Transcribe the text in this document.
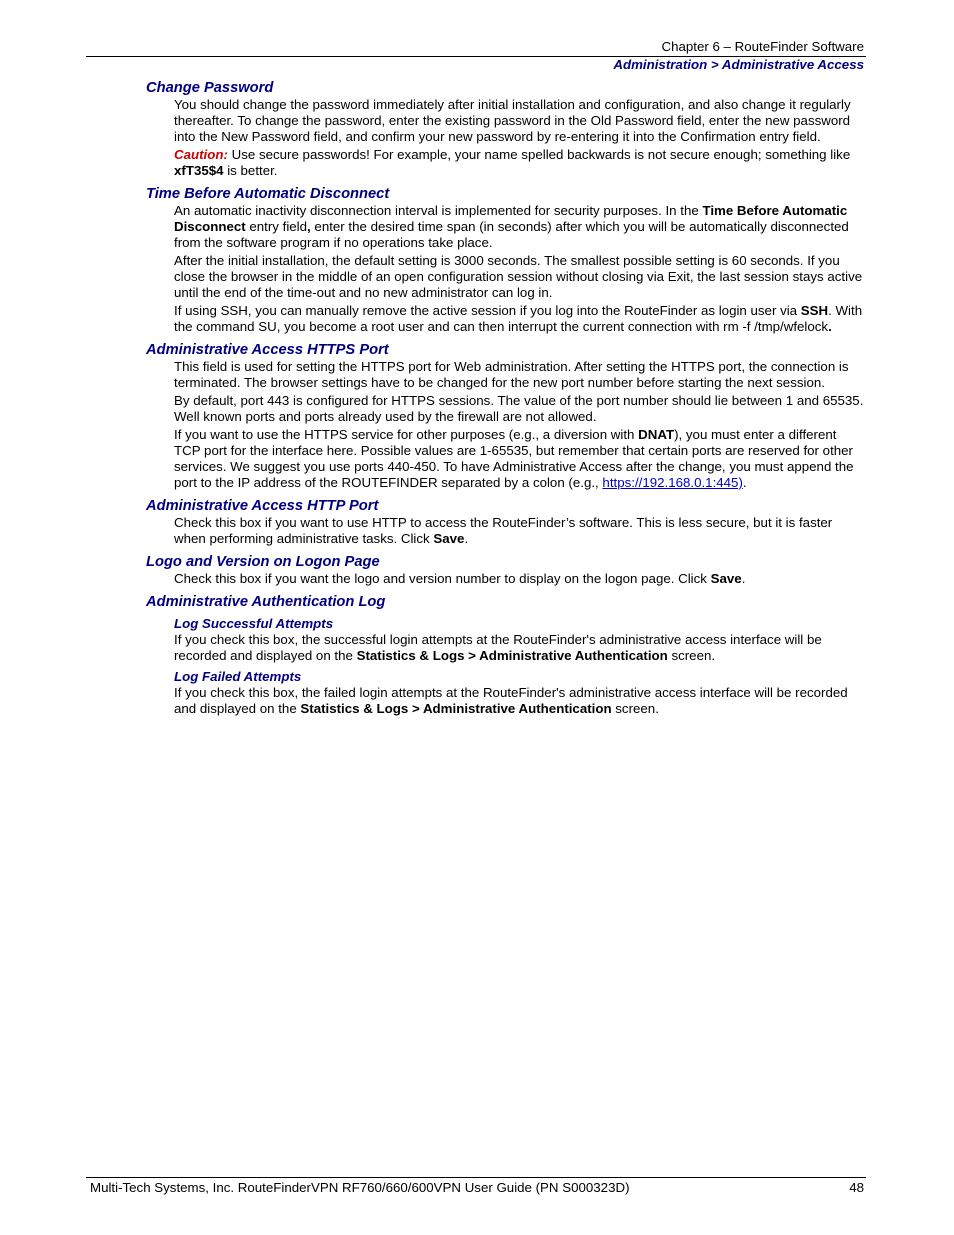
Chapter 6 – RouteFinder Software
Administration > Administrative Access
Change Password

You should change the password immediately after initial installation and configuration, and also change it regularly thereafter. To change the password, enter the existing password in the Old Password field, enter the new password into the New Password field, and confirm your new password by re-entering it into the Confirmation entry field.

Caution: Use secure passwords! For example, your name spelled backwards is not secure enough; something like xfT35$4 is better.

Time Before Automatic Disconnect

An automatic inactivity disconnection interval is implemented for security purposes. In the Time Before Automatic Disconnect entry field, enter the desired time span (in seconds) after which you will be automatically disconnected from the software program if no operations take place.

After the initial installation, the default setting is 3000 seconds. The smallest possible setting is 60 seconds. If you close the browser in the middle of an open configuration session without closing via Exit, the last session stays active until the end of the time-out and no new administrator can log in.

If using SSH, you can manually remove the active session if you log into the RouteFinder as login user via SSH. With the command SU, you become a root user and can then interrupt the current connection with rm -f /tmp/wfelock.

Administrative Access HTTPS Port

This field is used for setting the HTTPS port for Web administration. After setting the HTTPS port, the connection is terminated. The browser settings have to be changed for the new port number before starting the next session.

By default, port 443 is configured for HTTPS sessions. The value of the port number should lie between 1 and 65535. Well known ports and ports already used by the firewall are not allowed.

If you want to use the HTTPS service for other purposes (e.g., a diversion with DNAT), you must enter a different TCP port for the interface here. Possible values are 1-65535, but remember that certain ports are reserved for other services. We suggest you use ports 440-450. To have Administrative Access after the change, you must append the port to the IP address of the ROUTEFINDER separated by a colon (e.g., https://192.168.0.1:445).

Administrative Access HTTP Port

Check this box if you want to use HTTP to access the RouteFinder’s software. This is less secure, but it is faster when performing administrative tasks. Click Save.

Logo and Version on Logon Page

Check this box if you want the logo and version number to display on the logon page. Click Save.

Administrative Authentication Log
Log Successful Attempts

If you check this box, the successful login attempts at the RouteFinder's administrative access interface will be recorded and displayed on the Statistics & Logs > Administrative Authentication screen.

Log Failed Attempts

If you check this box, the failed login attempts at the RouteFinder's administrative access interface will be recorded and displayed on the Statistics & Logs > Administrative Authentication screen.

Multi-Tech Systems, Inc. RouteFinderVPN RF760/660/600VPN User Guide (PN S000323D)	48
